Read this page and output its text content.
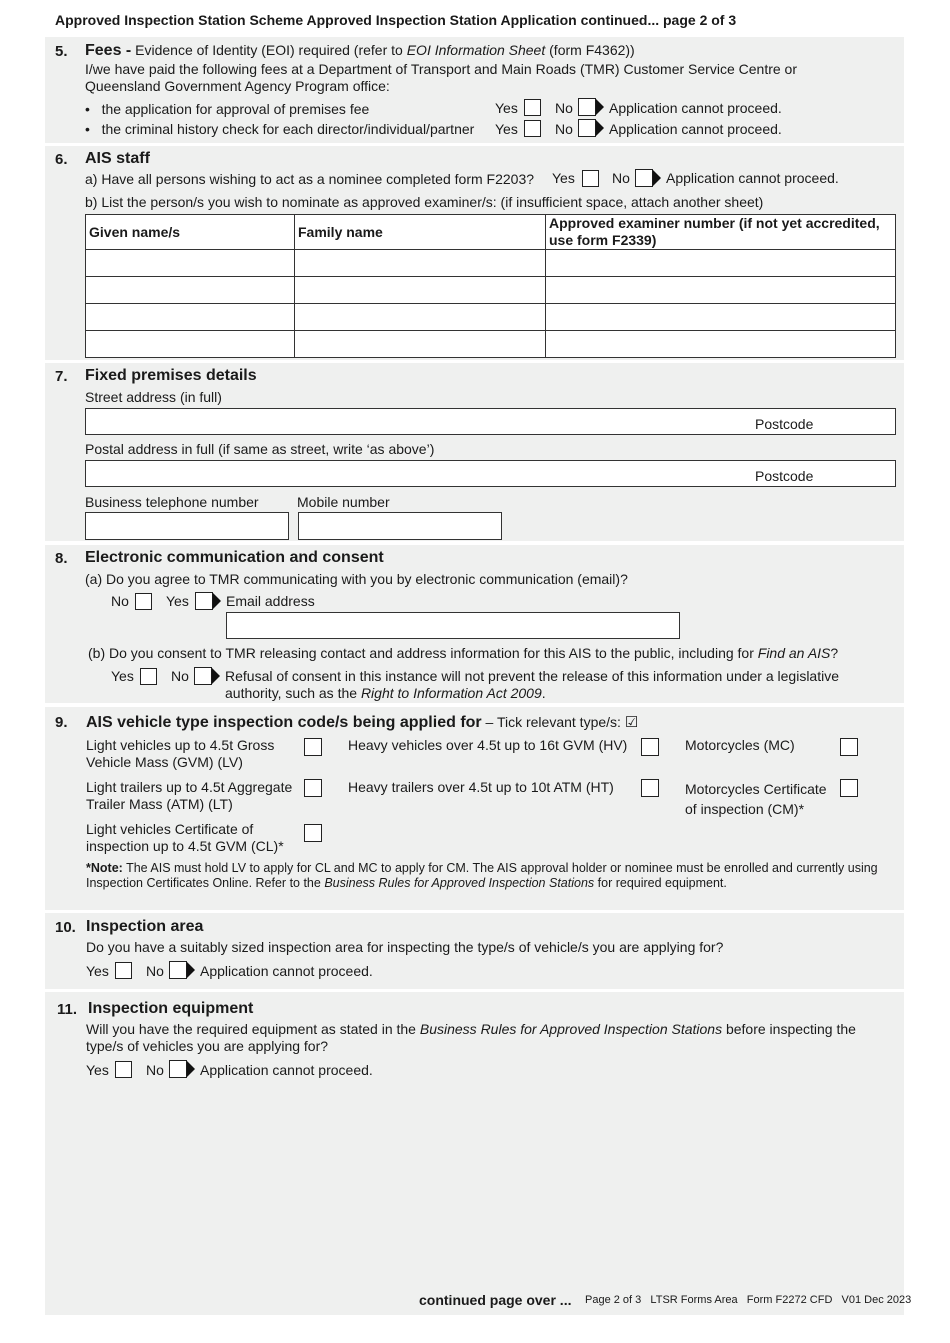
Approved Inspection Station Scheme Approved Inspection Station Application continued... page 2 of 3
5. Fees - Evidence of Identity (EOI) required (refer to EOI Information Sheet (form F4362))
I/we have paid the following fees at a Department of Transport and Main Roads (TMR) Customer Service Centre or
Queensland Government Agency Program office:
•   the application for approval of premises fee	Yes	No	Application cannot proceed.
•   the criminal history check for each director/individual/partner Yes	No	Application cannot proceed.
6. AIS staff
a) Have all persons wishing to act as a nominee completed form F2203? Yes	No	Application cannot proceed.
b) List the person/s you wish to nominate as approved examiner/s: (if insufficient space, attach another sheet)
Given name/s	Family name	Approved examiner number (if not yet accredited,
use form F2339)

7. Fixed premises details
Street address (in full)
Postcode
Postal address in full (if same as street, write ‘as above’)
Postcode
Business telephone number	Mobile number
8. Electronic communication and consent
(a) Do you agree to TMR communicating with you by electronic communication (email)?
No	Yes	Email address
(b) Do you consent to TMR releasing contact and address information for this AIS to the public, including for Find an AIS?
Yes	No	Refusal of consent in this instance will not prevent the release of this information under a legislative
authority, such as the Right to Information Act 2009.
9. AIS vehicle type inspection code/s being applied for – Tick relevant type/s: ☑
Light vehicles up to 4.5t Gross
Vehicle Mass (GVM) (LV)
Heavy vehicles over 4.5t up to 16t GVM (HV)	Motorcycles (MC)
Light trailers up to 4.5t Aggregate
Trailer Mass (ATM) (LT)
Heavy trailers over 4.5t up to 10t ATM (HT)	Motorcycles Certificate
of inspection (CM)*
Light vehicles Certificate of
inspection up to 4.5t GVM (CL)*
*Note: The AIS must hold LV to apply for CL and MC to apply for CM. The AIS approval holder or nominee must be enrolled and currently using
Inspection Certificates Online. Refer to the Business Rules for Approved Inspection Stations for required equipment.
10. Inspection area
Do you have a suitably sized inspection area for inspecting the type/s of vehicle/s you are applying for?
Yes	No	Application cannot proceed.
11. Inspection equipment
Will you have the required equipment as stated in the Business Rules for Approved Inspection Stations before inspecting the
type/s of vehicles you are applying for?
Yes	No	Application cannot proceed.
continued page over ... Page 2 of 3   LTSR Forms Area   Form F2272 CFD   V01 Dec 2023
